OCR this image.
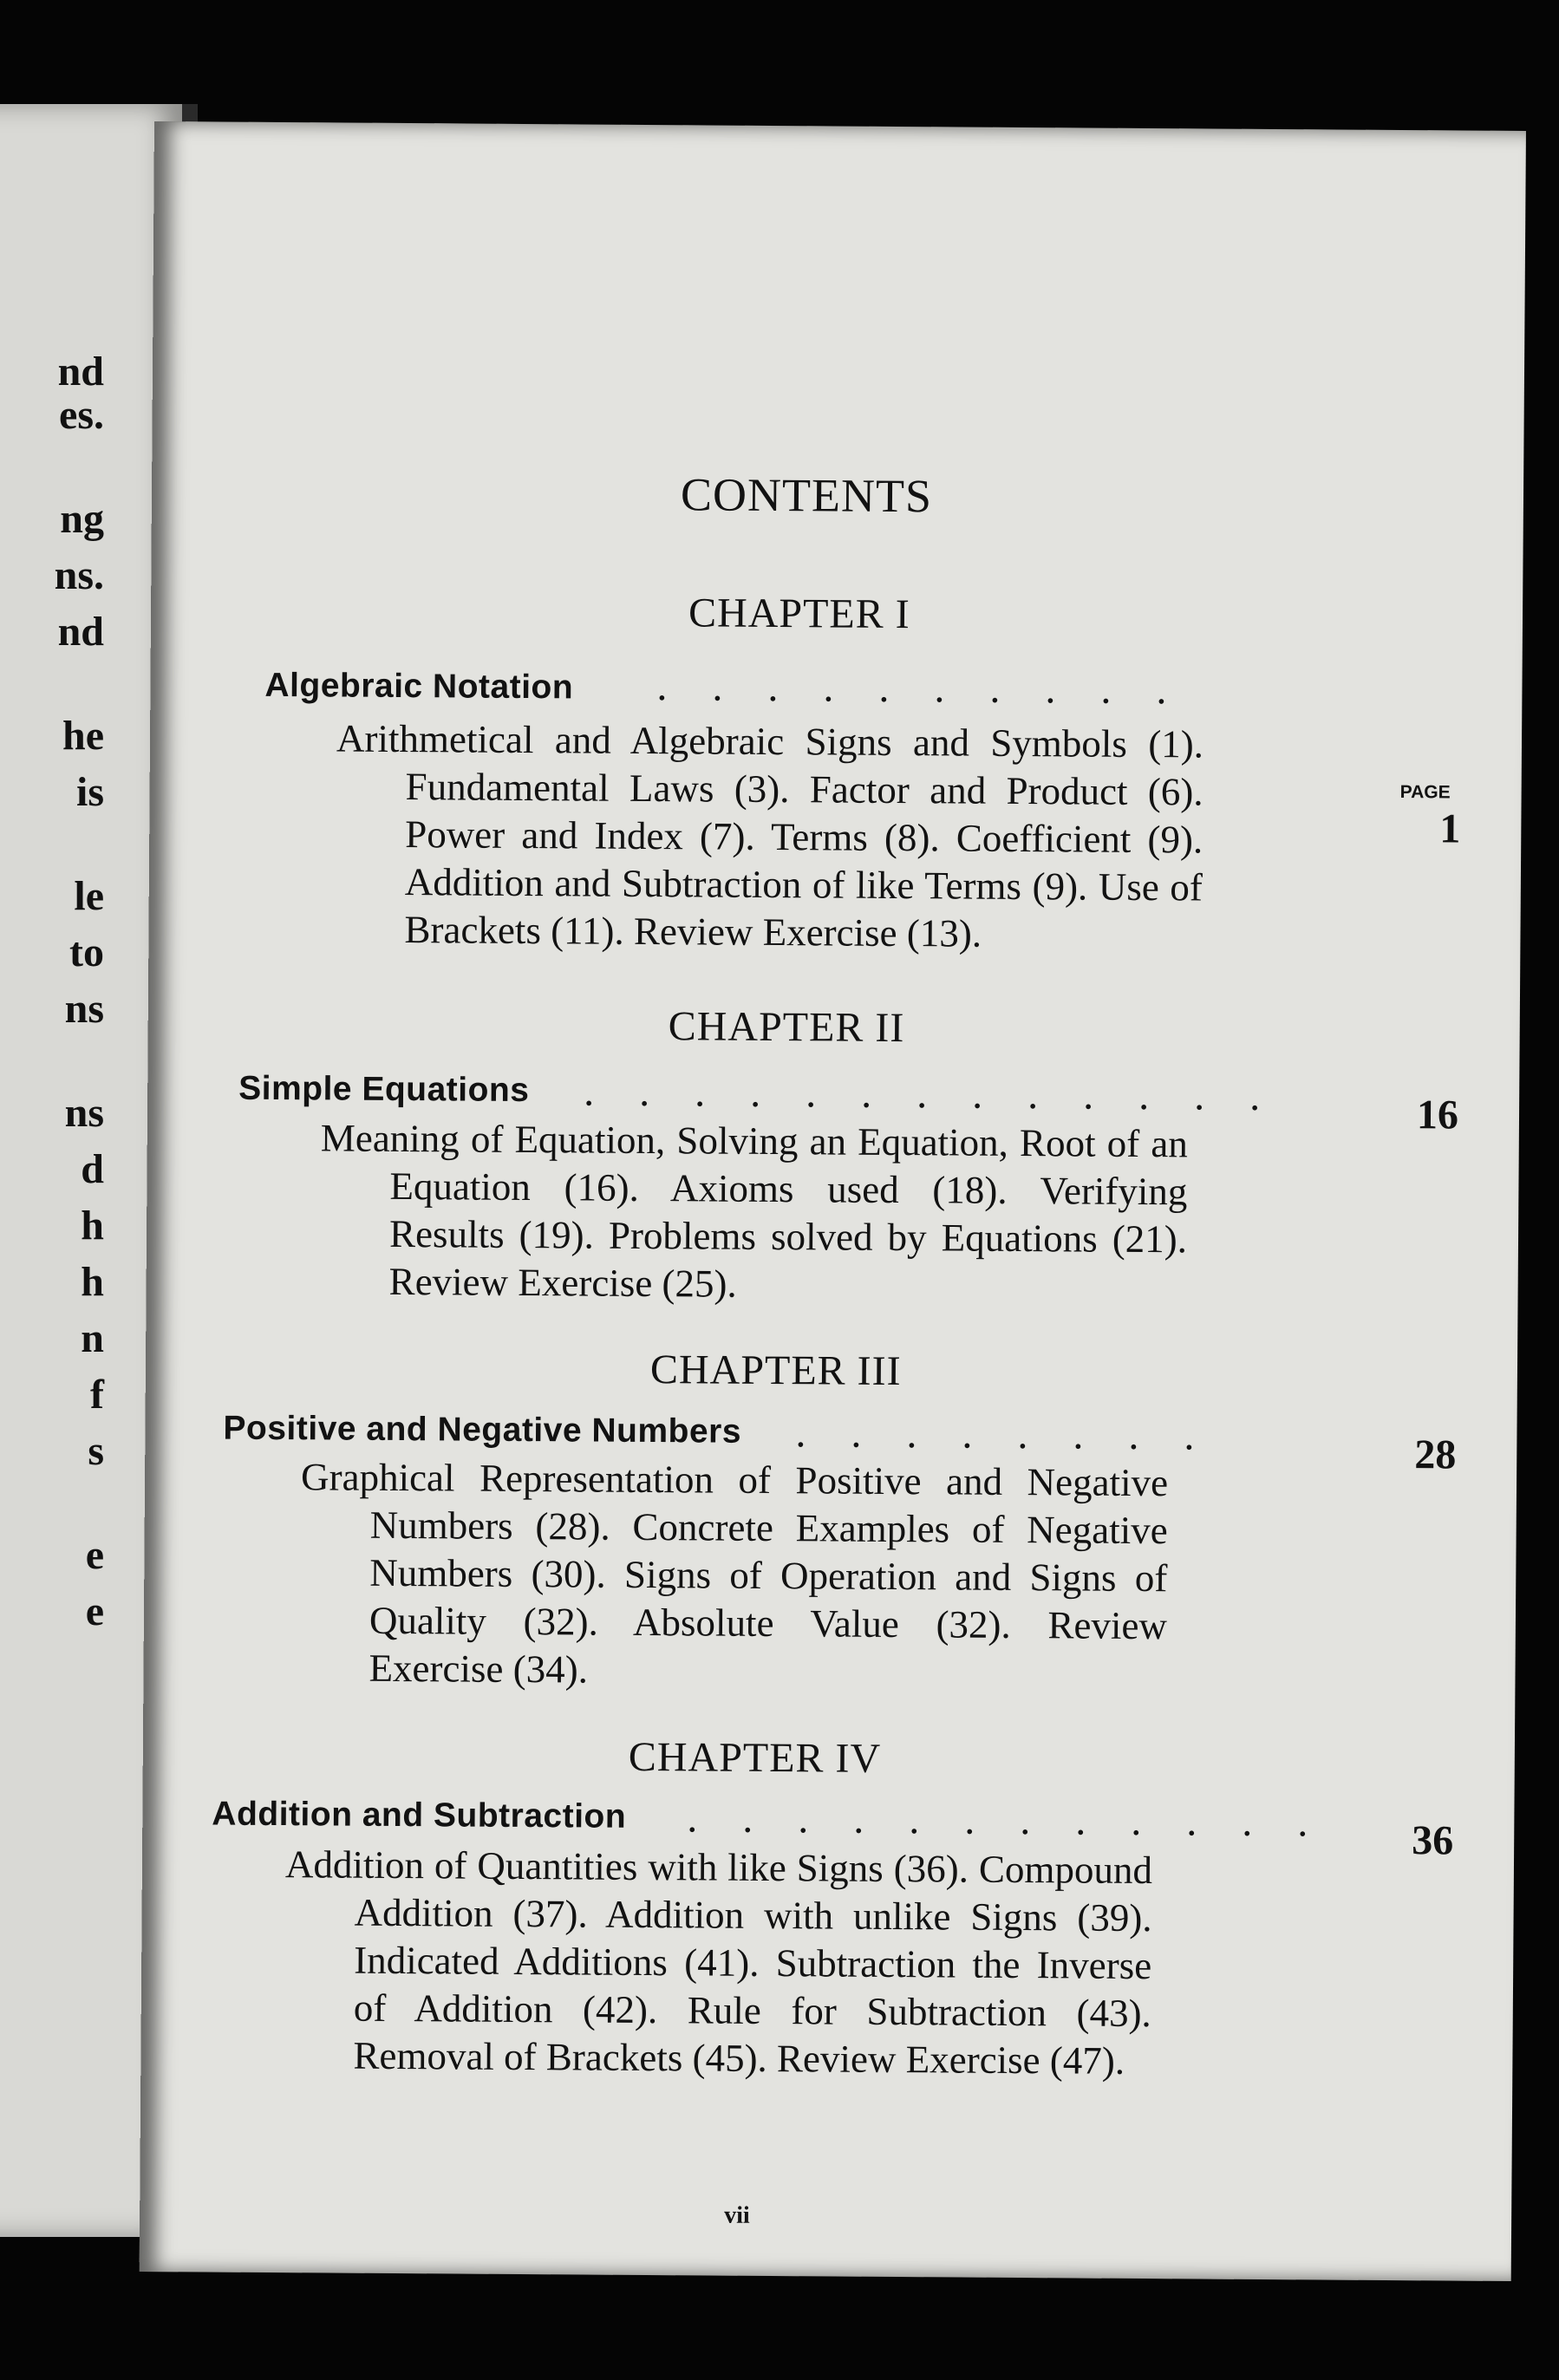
nd
es.
ng
ns.
nd
he
is
le
to
ns
ns
d
h
h
n
f
s
e
e
CONTENTS
CHAPTER I
Algebraic Notation . . . . . . . . . .
PAGE
1
Arithmetical and Algebraic Signs and Symbols (1). Fundamental Laws (3). Factor and Product (6). Power and Index (7). Terms (8). Coefficient (9). Addition and Subtraction of like Terms (9). Use of Brackets (11). Review Exercise (13).
CHAPTER II
Simple Equations . . . . . . . . . . . . .	16
Meaning of Equation, Solving an Equation, Root of an Equation (16). Axioms used (18). Verifying Results (19). Problems solved by Equations (21). Review Exercise (25).
CHAPTER III
Positive and Negative Numbers . . . . . . . .	28
Graphical Representation of Positive and Negative Numbers (28). Concrete Examples of Negative Numbers (30). Signs of Operation and Signs of Quality (32). Absolute Value (32). Review Exercise (34).
CHAPTER IV
Addition and Subtraction . . . . . . . . . . . . 36
Addition of Quantities with like Signs (36). Compound Addition (37). Addition with unlike Signs (39). Indicated Additions (41). Subtraction the Inverse of Addition (42). Rule for Subtraction (43). Removal of Brackets (45). Review Exercise (47).
vii
